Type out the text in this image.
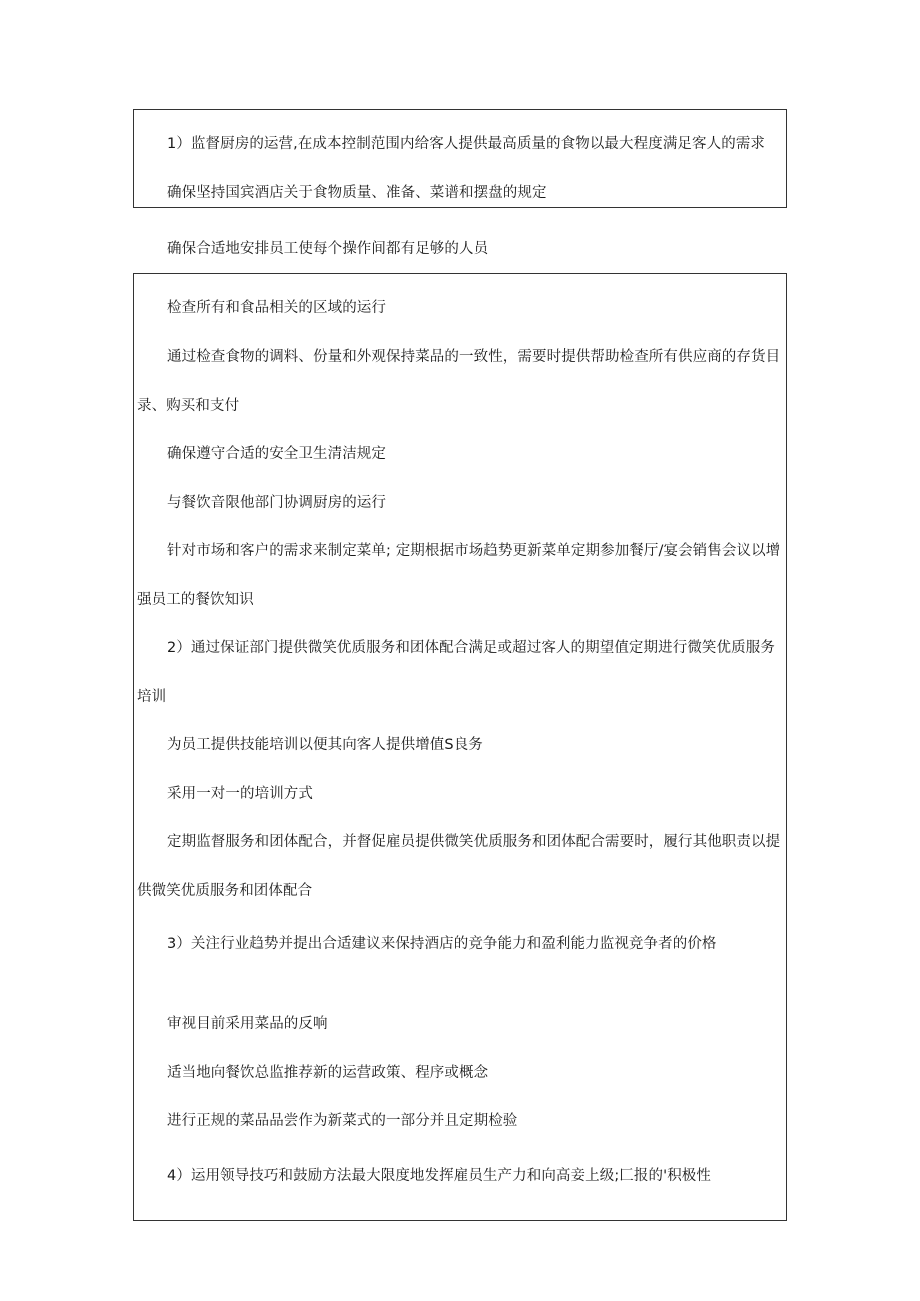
1）监督厨房的运营,在成本控制范围内给客人提供最高质量的食物以最大程度满足客人的需求
确保坚持国宾酒店关于食物质量、准备、菜谱和摆盘的规定
确保合适地安排员工使每个操作间都有足够的人员
检查所有和食品相关的区域的运行
通过检查食物的调料、份量和外观保持菜品的一致性，需要时提供帮助检查所有供应商的存货目
录、购买和支付
确保遵守合适的安全卫生清洁规定
与餐饮音限他部门协调厨房的运行
针对市场和客户的需求来制定菜单; 定期根据市场趋势更新菜单定期参加餐厅/宴会销售会议以增
强员工的餐饮知识
2）通过保证部门提供微笑优质服务和团体配合满足或超过客人的期望值定期进行微笑优质服务
培训
为员工提供技能培训以便其向客人提供增值S良务
采用一对一的培训方式
定期监督服务和团体配合，并督促雇员提供微笑优质服务和团体配合需要时，履行其他职责以提
供微笑优质服务和团体配合
3）关注行业趋势并提出合适建议来保持酒店的竞争能力和盈利能力监视竞争者的价格
审视目前采用菜品的反响
适当地向餐饮总监推荐新的运营政策、程序或概念
进行正规的菜品品尝作为新菜式的一部分并且定期检验
4）运用领导技巧和鼓励方法最大限度地发挥雇员生产力和向高妾上级;匚报的'积极性
